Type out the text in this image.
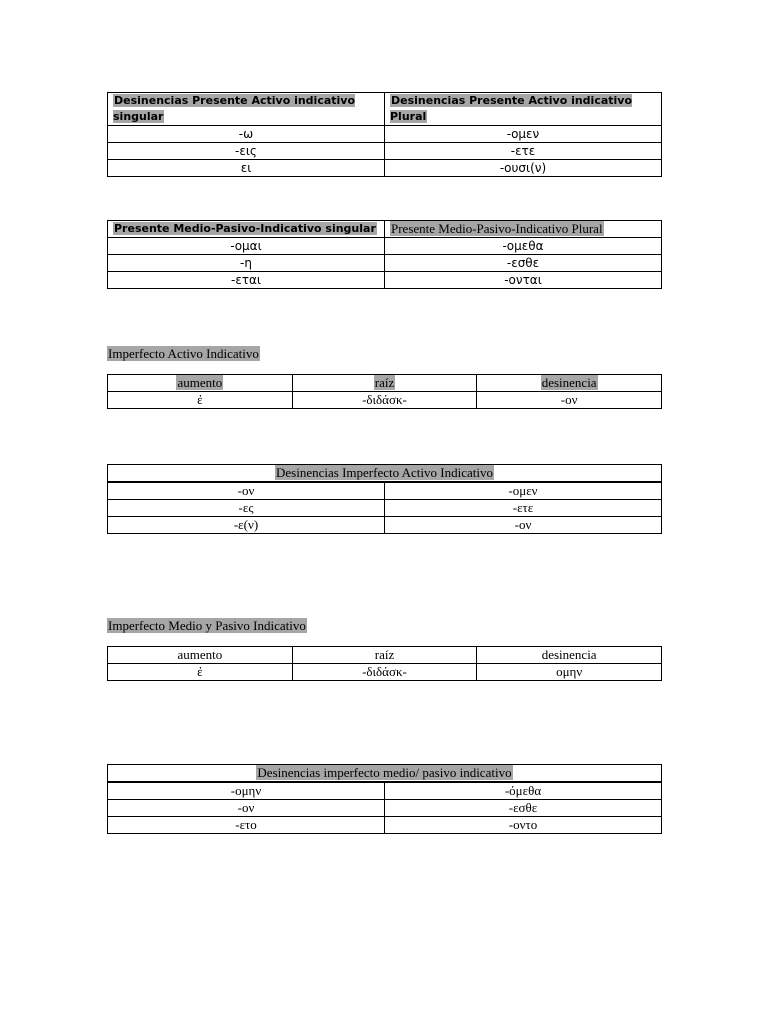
Desinencias Presente Activo indicativo singular	Desinencias Presente Activo indicativo Plural
-ω	-ομεν
-εις	-ετε
ει	-ουσι(ν)
Presente Medio-Pasivo-Indicativo singular	Presente Medio-Pasivo-Indicativo Plural
-ομαι	-ομεθα
-η	-εσθε
-εται	-ονται
Imperfecto Activo Indicativo
aumento	raíz	desinencia
ἐ	-διδάσκ-	-ον
Desinencias Imperfecto Activo Indicativo	
-ον	-ομεν
-ες	-ετε
-ε(ν)	-ον
Imperfecto Medio y Pasivo Indicativo
aumento	raíz	desinencia
ἐ	-διδάσκ-	ομην
Desinencias imperfecto medio/ pasivo indicativo	
-ομην	-όμεθα
-ον	-εσθε
-ετο	-οντο
